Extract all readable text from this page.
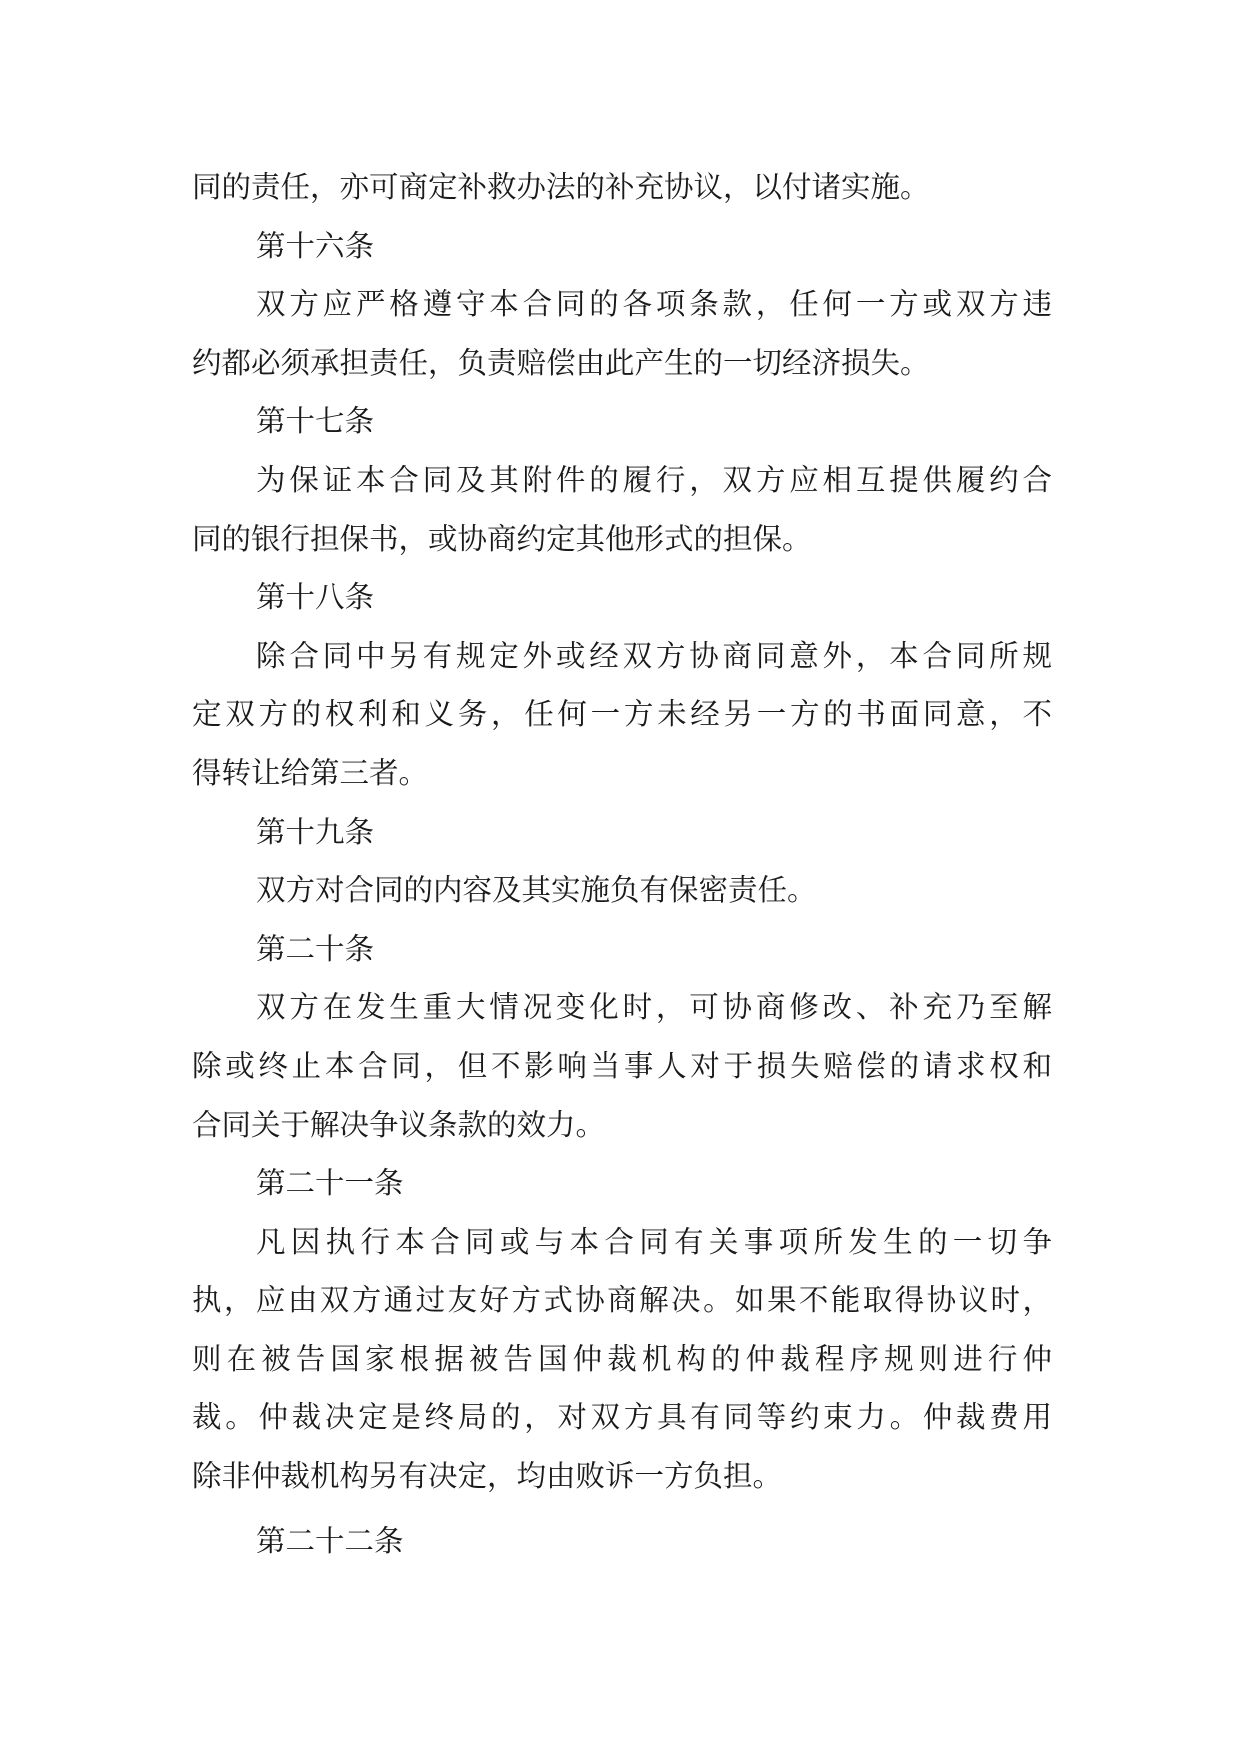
同的责任，亦可商定补救办法的补充协议，以付诸实施。
第十六条
双方应严格遵守本合同的各项条款，任何一方或双方违
约都必须承担责任，负责赔偿由此产生的一切经济损失。
第十七条
为保证本合同及其附件的履行，双方应相互提供履约合
同的银行担保书，或协商约定其他形式的担保。
第十八条
除合同中另有规定外或经双方协商同意外，本合同所规
定双方的权利和义务，任何一方未经另一方的书面同意，不
得转让给第三者。
第十九条
双方对合同的内容及其实施负有保密责任。
第二十条
双方在发生重大情况变化时，可协商修改、补充乃至解
除或终止本合同，但不影响当事人对于损失赔偿的请求权和
合同关于解决争议条款的效力。
第二十一条
凡因执行本合同或与本合同有关事项所发生的一切争
执，应由双方通过友好方式协商解决。如果不能取得协议时，
则在被告国家根据被告国仲裁机构的仲裁程序规则进行仲
裁。仲裁决定是终局的，对双方具有同等约束力。仲裁费用
除非仲裁机构另有决定，均由败诉一方负担。
第二十二条
